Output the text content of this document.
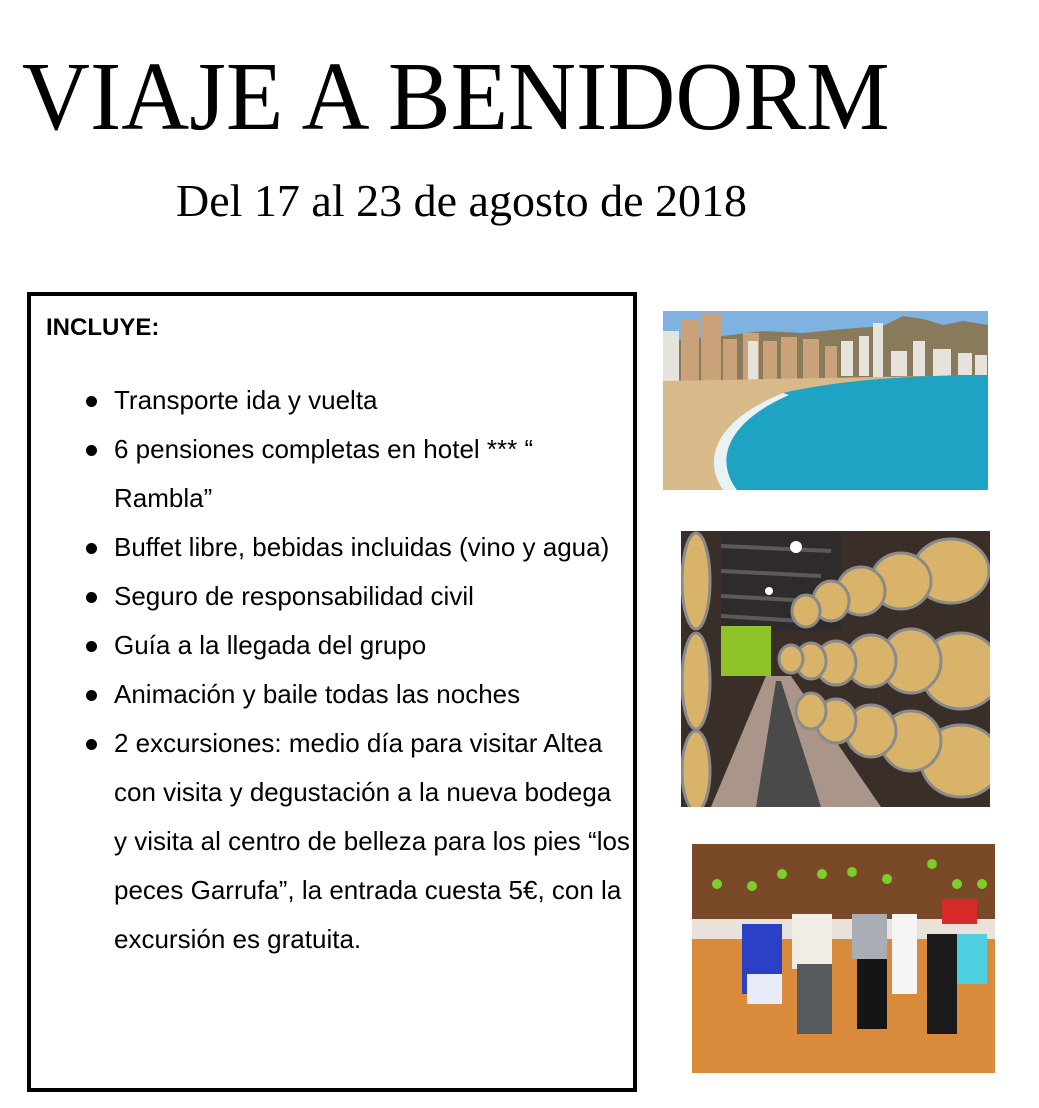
VIAJE A BENIDORM
Del 17 al 23 de agosto de 2018
INCLUYE:
Transporte ida y vuelta
6 pensiones completas en hotel *** “ Rambla”
Buffet libre, bebidas incluidas (vino y agua)
Seguro de responsabilidad civil
Guía a la llegada del grupo
Animación y baile todas las noches
2 excursiones: medio día para visitar Altea con visita y degustación a la nueva bodega y visita al centro de belleza para los pies “los peces Garrufa”, la entrada cuesta 5€, con la excursión es gratuita.
